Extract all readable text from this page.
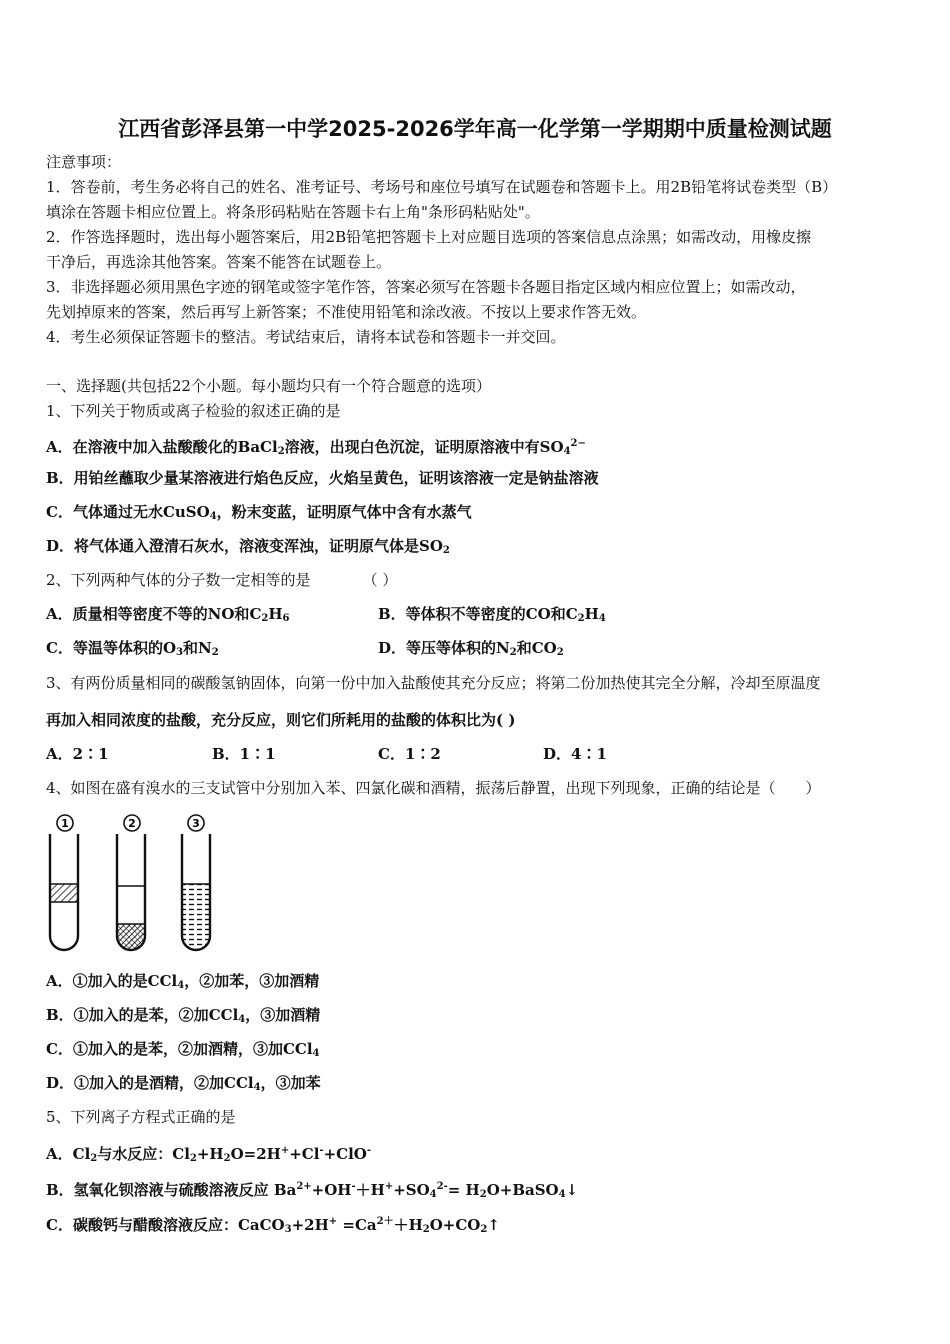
江西省彭泽县第一中学2025-2026学年高一化学第一学期期中质量检测试题
注意事项：
1．答卷前，考生务必将自己的姓名、准考证号、考场号和座位号填写在试题卷和答题卡上。用2B铅笔将试卷类型（B）
填涂在答题卡相应位置上。将条形码粘贴在答题卡右上角"条形码粘贴处"。
2．作答选择题时，选出每小题答案后，用2B铅笔把答题卡上对应题目选项的答案信息点涂黑；如需改动，用橡皮擦
干净后，再选涂其他答案。答案不能答在试题卷上。
3．非选择题必须用黑色字迹的钢笔或签字笔作答，答案必须写在答题卡各题目指定区域内相应位置上；如需改动，
先划掉原来的答案，然后再写上新答案；不准使用铅笔和涂改液。不按以上要求作答无效。
4．考生必须保证答题卡的整洁。考试结束后，请将本试卷和答题卡一并交回。
一、选择题(共包括22个小题。每小题均只有一个符合题意的选项）
1、下列关于物质或离子检验的叙述正确的是
A．在溶液中加入盐酸酸化的BaCl$_2$溶液，出现白色沉淀，证明原溶液中有$SO_4^{2-}$
B．用铂丝蘸取少量某溶液进行焰色反应，火焰呈黄色，证明该溶液一定是钠盐溶液
C．气体通过无水CuSO$_4$，粉末变蓝，证明原气体中含有水蒸气
D．将气体通入澄清石灰水，溶液变浑浊，证明原气体是$SO_2$
2、下列两种气体的分子数一定相等的是	（ ）
A．质量相等密度不等的NO和$C_2H_6$	B．等体积不等密度的CO和$C_2H_4$
C．等温等体积的$O_3$和$N_2$	D．等压等体积的$N_2$和$CO_2$
3、有两份质量相同的碳酸氢钠固体，向第一份中加入盐酸使其充分反应；将第二份加热使其完全分解，冷却至原温度
再加入相同浓度的盐酸，充分反应，则它们所耗用的盐酸的体积比为( )
A．2∶1	B．1∶1	C．1∶2	D．4∶1
4、如图在盛有溴水的三支试管中分别加入苯、四氯化碳和酒精，振荡后静置，出现下列现象，正确的结论是（　　）
1	2	3
A．①加入的是CCl$_4$，②加苯，③加酒精
B．①加入的是苯，②加CCl$_4$，③加酒精
C．①加入的是苯，②加酒精，③加CCl$_4$
D．①加入的是酒精，②加CCl$_4$，③加苯
5、下列离子方程式正确的是
A．$Cl_2$与水反应：$Cl_2+H_2O=2H^++Cl^-+ClO^-$
B．氢氧化钡溶液与硫酸溶液反应 $Ba^{2+}+OH^-+H^++SO_4^{2-}=$ $H_2O+BaSO_4↓$
C．碳酸钙与醋酸溶液反应：CaCO$_3$+2H+ $=Ca^{2+}+H_2O+CO_2↑$
